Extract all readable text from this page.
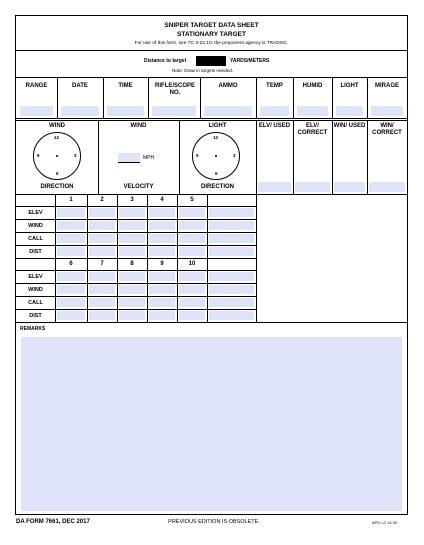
SNIPER TARGET DATA SHEET
STATIONARY TARGET
For use of this form, see TC 3-22.10; the proponent agency is TRADOC.
Distance to target	YARDS/METERS
Note: Draw in targets needed.
RANGE	DATE	TIME	RIFLE/SCOPE NO.
AMMO	TEMP	HUMID	LIGHT	MIRAGE
WIND	WIND	LIGHT
12
9	3
6
DIRECTION
MPH
VELOCITY
12
9	3
6
DIRECTION
ELV/ USED	ELV/ CORRECT
WIN/ USED	WIN/ CORRECT
1	2	3	4	5
ELEV
WIND
CALL
DIST
6	7	8	9	10
ELEV
WIND
CALL
DIST
REMARKS
DA FORM 7661, DEC 2017	PREVIOUS EDITION IS OBSOLETE.	APD LC v1.00
